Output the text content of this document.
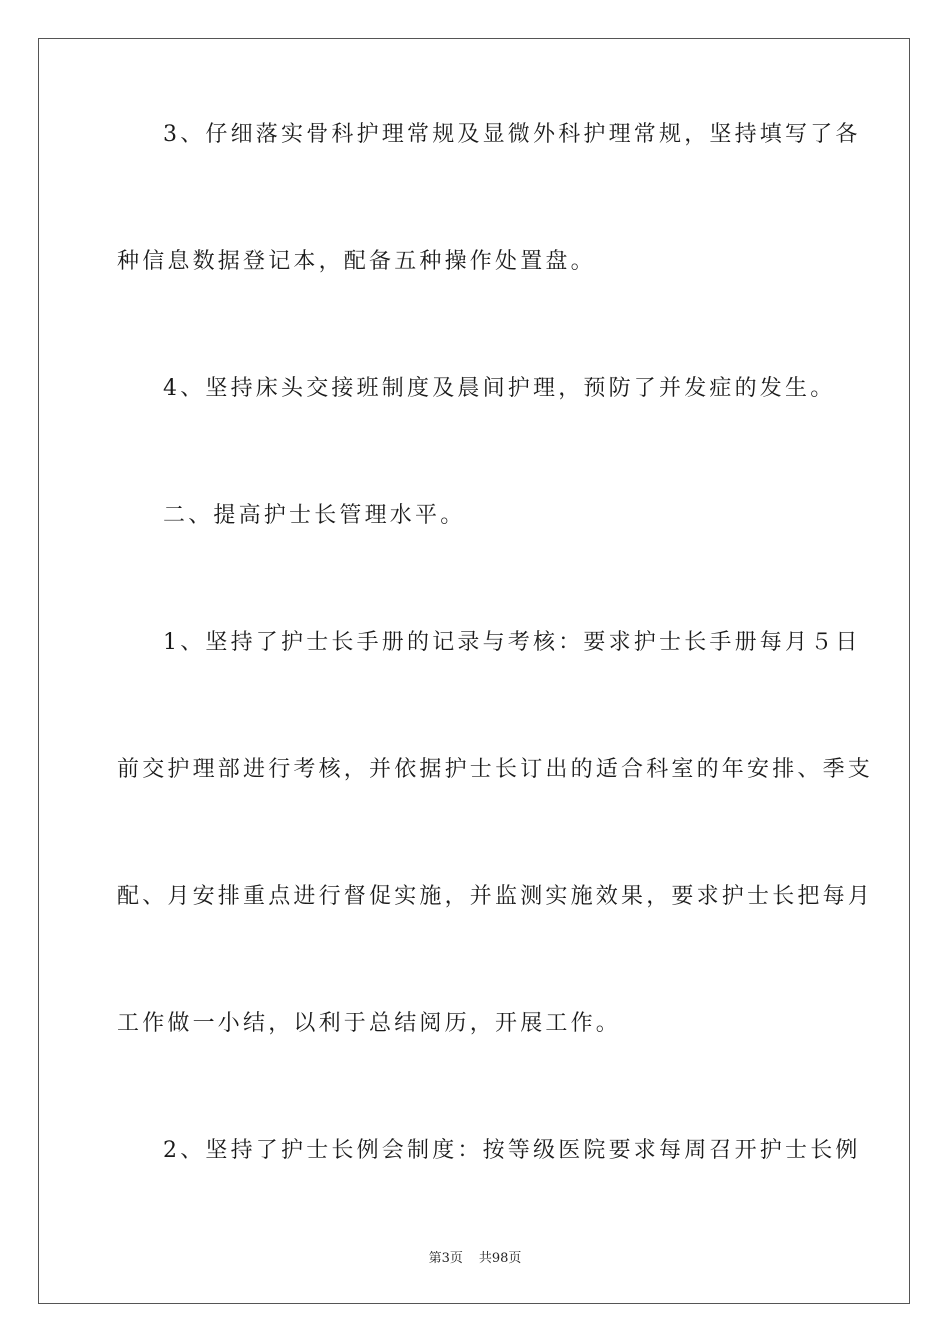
3、仔细落实骨科护理常规及显微外科护理常规，坚持填写了各

种信息数据登记本，配备五种操作处置盘。

4、坚持床头交接班制度及晨间护理，预防了并发症的发生。

二、提高护士长管理水平。

1、坚持了护士长手册的记录与考核：要求护士长手册每月５日

前交护理部进行考核，并依据护士长订出的适合科室的年安排、季支

配、月安排重点进行督促实施，并监测实施效果，要求护士长把每月

工作做一小结，以利于总结阅历，开展工作。

2、坚持了护士长例会制度：按等级医院要求每周召开护士长例

第3页 共98页
